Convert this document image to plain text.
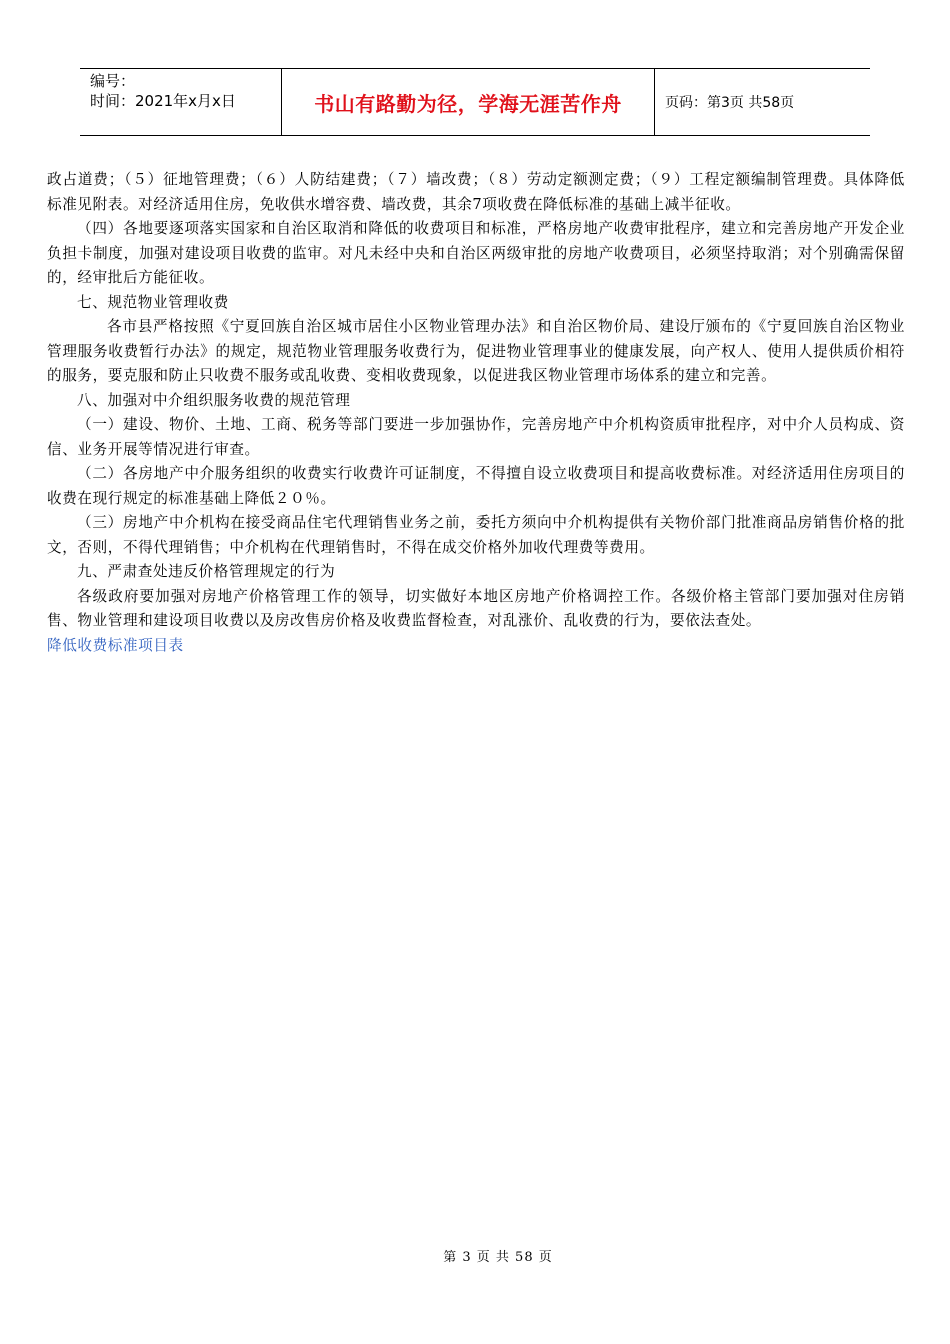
编号：
时间：2021年x月x日	书山有路勤为径，学海无涯苦作舟	页码：第3页 共58页

政占道费；（５）征地管理费；（６）人防结建费；（７）墙改费；（８）劳动定额测定费；（９）工程定额编制管理费。具体降低标准见附表。对经济适用住房，免收供水增容费、墙改费，其余7项收费在降低标准的基础上减半征收。

（四）各地要逐项落实国家和自治区取消和降低的收费项目和标准，严格房地产收费审批程序，建立和完善房地产开发企业负担卡制度，加强对建设项目收费的监审。对凡未经中央和自治区两级审批的房地产收费项目，必须坚持取消；对个别确需保留的，经审批后方能征收。

七、规范物业管理收费

各市县严格按照《宁夏回族自治区城市居住小区物业管理办法》和自治区物价局、建设厅颁布的《宁夏回族自治区物业管理服务收费暂行办法》的规定，规范物业管理服务收费行为，促进物业管理事业的健康发展，向产权人、使用人提供质价相符的服务，要克服和防止只收费不服务或乱收费、变相收费现象，以促进我区物业管理市场体系的建立和完善。

八、加强对中介组织服务收费的规范管理

（一）建设、物价、土地、工商、税务等部门要进一步加强协作，完善房地产中介机构资质审批程序，对中介人员构成、资信、业务开展等情况进行审查。

（二）各房地产中介服务组织的收费实行收费许可证制度，不得擅自设立收费项目和提高收费标准。对经济适用住房项目的收费在现行规定的标准基础上降低２０％。

（三）房地产中介机构在接受商品住宅代理销售业务之前，委托方须向中介机构提供有关物价部门批准商品房销售价格的批文，否则，不得代理销售；中介机构在代理销售时，不得在成交价格外加收代理费等费用。

九、严肃查处违反价格管理规定的行为

各级政府要加强对房地产价格管理工作的领导，切实做好本地区房地产价格调控工作。各级价格主管部门要加强对住房销售、物业管理和建设项目收费以及房改售房价格及收费监督检查，对乱涨价、乱收费的行为，要依法查处。

降低收费标准项目表

第 3 页 共 58 页
